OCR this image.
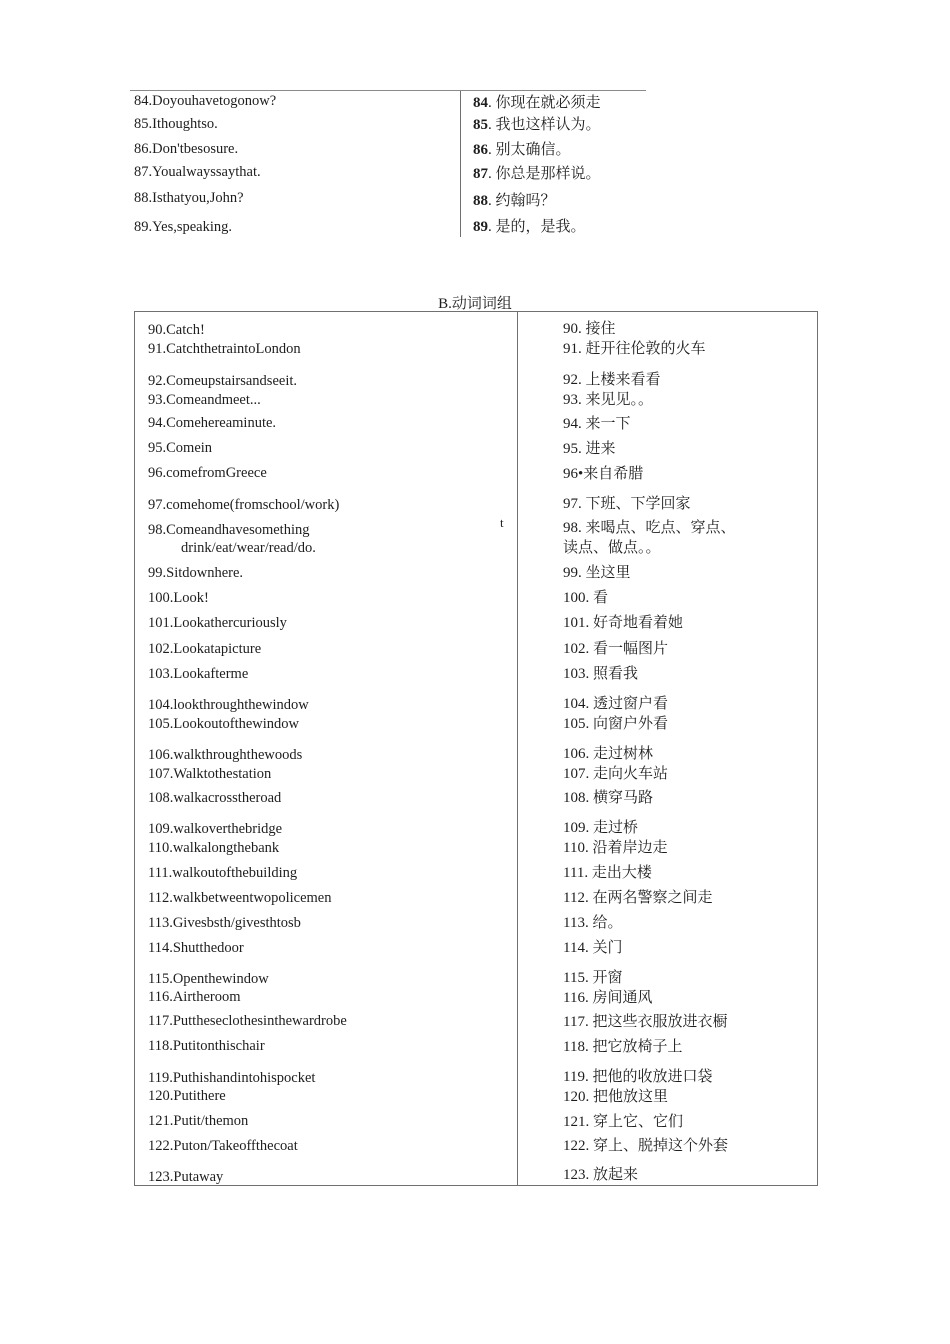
84.Doyouhavetogonow?
85.Ithoughtso.
86.Don'tbesosure.
87.Youalwayssaythat.
88.Isthatyou,John?
89.Yes,speaking.
84. 你现在就必须走
85. 我也这样认为。
86. 别太确信。
87. 你总是那样说。
88. 约翰吗？
89. 是的，是我。
B.动词词组
t
90.Catch!
91.CatchthetraintoLondon
92.Comeupstairsandseeit.
93.Comeandmeet...
94.Comehereaminute.
95.Comein
96.comefromGreece
97.comehome(fromschool/work)
98.Comeandhavesomething
drink/eat/wear/read/do.
99.Sitdownhere.
100.Look!
101.Lookathercuriously
102.Lookatapicture
103.Lookafterme
104.lookthroughthewindow
105.Lookoutofthewindow
106.walkthroughthewoods
107.Walktothestation
108.walkacrosstheroad
109.walkoverthebridge
110.walkalongthebank
111.walkoutofthebuilding
112.walkbetweentwopolicemen
113.Givesbsth/givesthtosb
114.Shutthedoor
115.Openthewindow
116.Airtheroom
117.Puttheseclothesinthewardrobe
118.Putitonthischair
119.Puthishandintohispocket
120.Putithere
121.Putit/themon
122.Puton/Takeoffthecoat
123.Putaway
90. 接住
91. 赶开往伦敦的火车
92. 上楼来看看
93. 来见见。。
94. 来一下
95. 进来
96•来自希腊
97. 下班、下学回家
98. 来喝点、吃点、穿点、
读点、做点。。
99. 坐这里
100. 看
101. 好奇地看着她
102. 看一幅图片
103. 照看我
104. 透过窗户看
105. 向窗户外看
106. 走过树林
107. 走向火车站
108. 横穿马路
109. 走过桥
110. 沿着岸边走
111. 走出大楼
112. 在两名警察之间走
113. 给。
114. 关门
115. 开窗
116. 房间通风
117. 把这些衣服放进衣橱
118. 把它放椅子上
119. 把他的收放进口袋
120. 把他放这里
121. 穿上它、它们
122. 穿上、脱掉这个外套
123. 放起来
